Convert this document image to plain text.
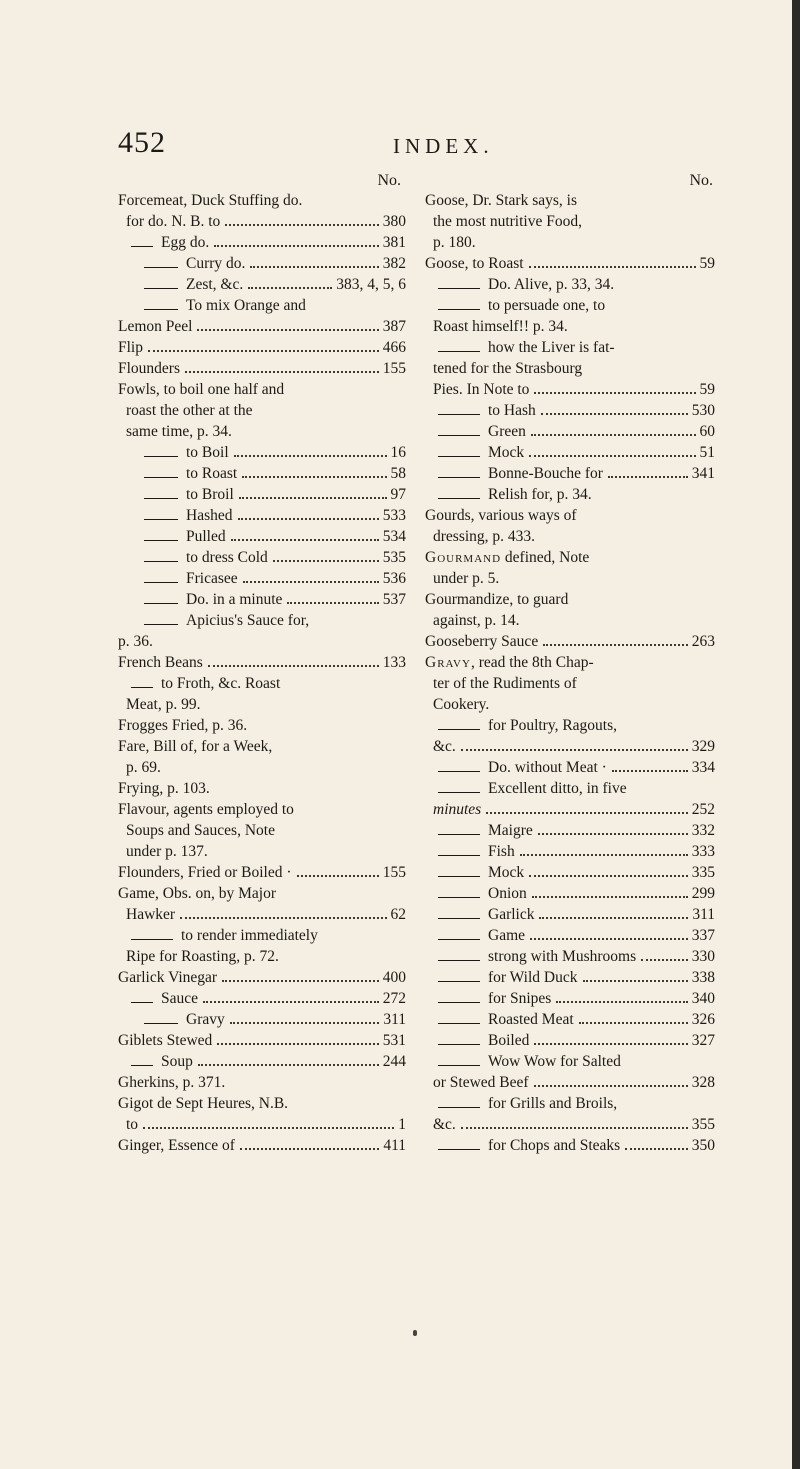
452	INDEX.
No.
Forcemeat, Duck Stuffing do.
for do. N. B. to	380
Egg do.	381
Curry do.	382
Zest, &c.	383, 4, 5, 6
To mix Orange and
Lemon Peel	387
Flip	466
Flounders	155
Fowls, to boil one half and
roast the other at the
same time, p. 34.
to Boil	16
to Roast	58
to Broil	97
Hashed	533
Pulled	534
to dress Cold	535
Fricasee	536
Do. in a minute	537
Apicius's Sauce for,
p. 36.
French Beans	133
to Froth, &c. Roast
Meat, p. 99.
Frogges Fried, p. 36.
Fare, Bill of, for a Week,
p. 69.
Frying, p. 103.
Flavour, agents employed to
Soups and Sauces, Note
under p. 137.
Flounders, Fried or Boiled ·	155
Game, Obs. on, by Major
Hawker	62
to render immediately
Ripe for Roasting, p. 72.
Garlick Vinegar	400
Sauce	272
Gravy	311
Giblets Stewed	531
Soup	244
Gherkins, p. 371.
Gigot de Sept Heures, N.B.
to	1
Ginger, Essence of	411
No.
Goose, Dr. Stark says, is
the most nutritive Food,
p. 180.
Goose, to Roast	59
Do. Alive, p. 33, 34.
to persuade one, to
Roast himself!! p. 34.
how the Liver is fat-
tened for the Strasbourg
Pies. In Note to	59
to Hash	530
Green	60
Mock	51
Bonne-Bouche for	341
Relish for, p. 34.
Gourds, various ways of
dressing, p. 433.
Gourmand defined, Note
under p. 5.
Gourmandize, to guard
against, p. 14.
Gooseberry Sauce	263
Gravy, read the 8th Chap-
ter of the Rudiments of
Cookery.
for Poultry, Ragouts,
&c.	329
Do. without Meat ·	334
Excellent ditto, in five
minutes	252
Maigre	332
Fish	333
Mock	335
Onion	299
Garlick	311
Game	337
strong with Mushrooms	330
for Wild Duck	338
for Snipes	340
Roasted Meat	326
Boiled	327
Wow Wow for Salted
or Stewed Beef	328
for Grills and Broils,
&c.	355
for Chops and Steaks	350
